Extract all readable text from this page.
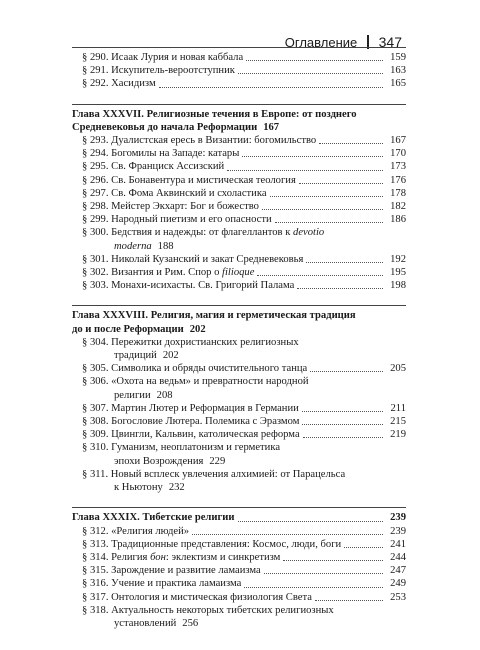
Оглавление 347
§ 290. Исаак Лурия и новая каббала	159
§ 291. Искупитель-вероотступник	163
§ 292. Хасидизм	165
Глава XXXVII. Религиозные течения в Европе: от позднего
Средневековья до начала Реформации 167
§ 293. Дуалистская ересь в Византии: богомильство	167
§ 294. Богомилы на Западе: катары	170
§ 295. Св. Франциск Ассизский	173
§ 296. Св. Бонавентура и мистическая теология	176
§ 297. Св. Фома Аквинский и схоластика	178
§ 298. Мейстер Экхарт: Бог и божество	182
§ 299. Народный пиетизм и его опасности	186
§ 300. Бедствия и надежды: от флагеллантов к devotio
moderna 188
§ 301. Николай Кузанский и закат Средневековья	192
§ 302. Византия и Рим. Спор о filioque	195
§ 303. Монахи-исихасты. Св. Григорий Палама	198
Глава XXXVIII. Религия, магия и герметическая традиция
до и после Реформации 202
§ 304. Пережитки дохристианских религиозных
традиций 202
§ 305. Символика и обряды очистительного танца	205
§ 306. «Охота на ведьм» и превратности народной
религии 208
§ 307. Мартин Лютер и Реформация в Германии	211
§ 308. Богословие Лютера. Полемика с Эразмом	215
§ 309. Цвингли, Кальвин, католическая реформа	219
§ 310. Гуманизм, неоплатонизм и герметика
эпохи Возрождения 229
§ 311. Новый всплеск увлечения алхимией: от Парацельса
к Ньютону 232
Глава XXXIX. Тибетские религии	239
§ 312. «Религия людей»	239
§ 313. Традиционные представления: Космос, люди, боги	241
§ 314. Религия бон: эклектизм и синкретизм	244
§ 315. Зарождение и развитие ламаизма	247
§ 316. Учение и практика ламаизма	249
§ 317. Онтология и мистическая физиология Света	253
§ 318. Актуальность некоторых тибетских религиозных
установлений 256
